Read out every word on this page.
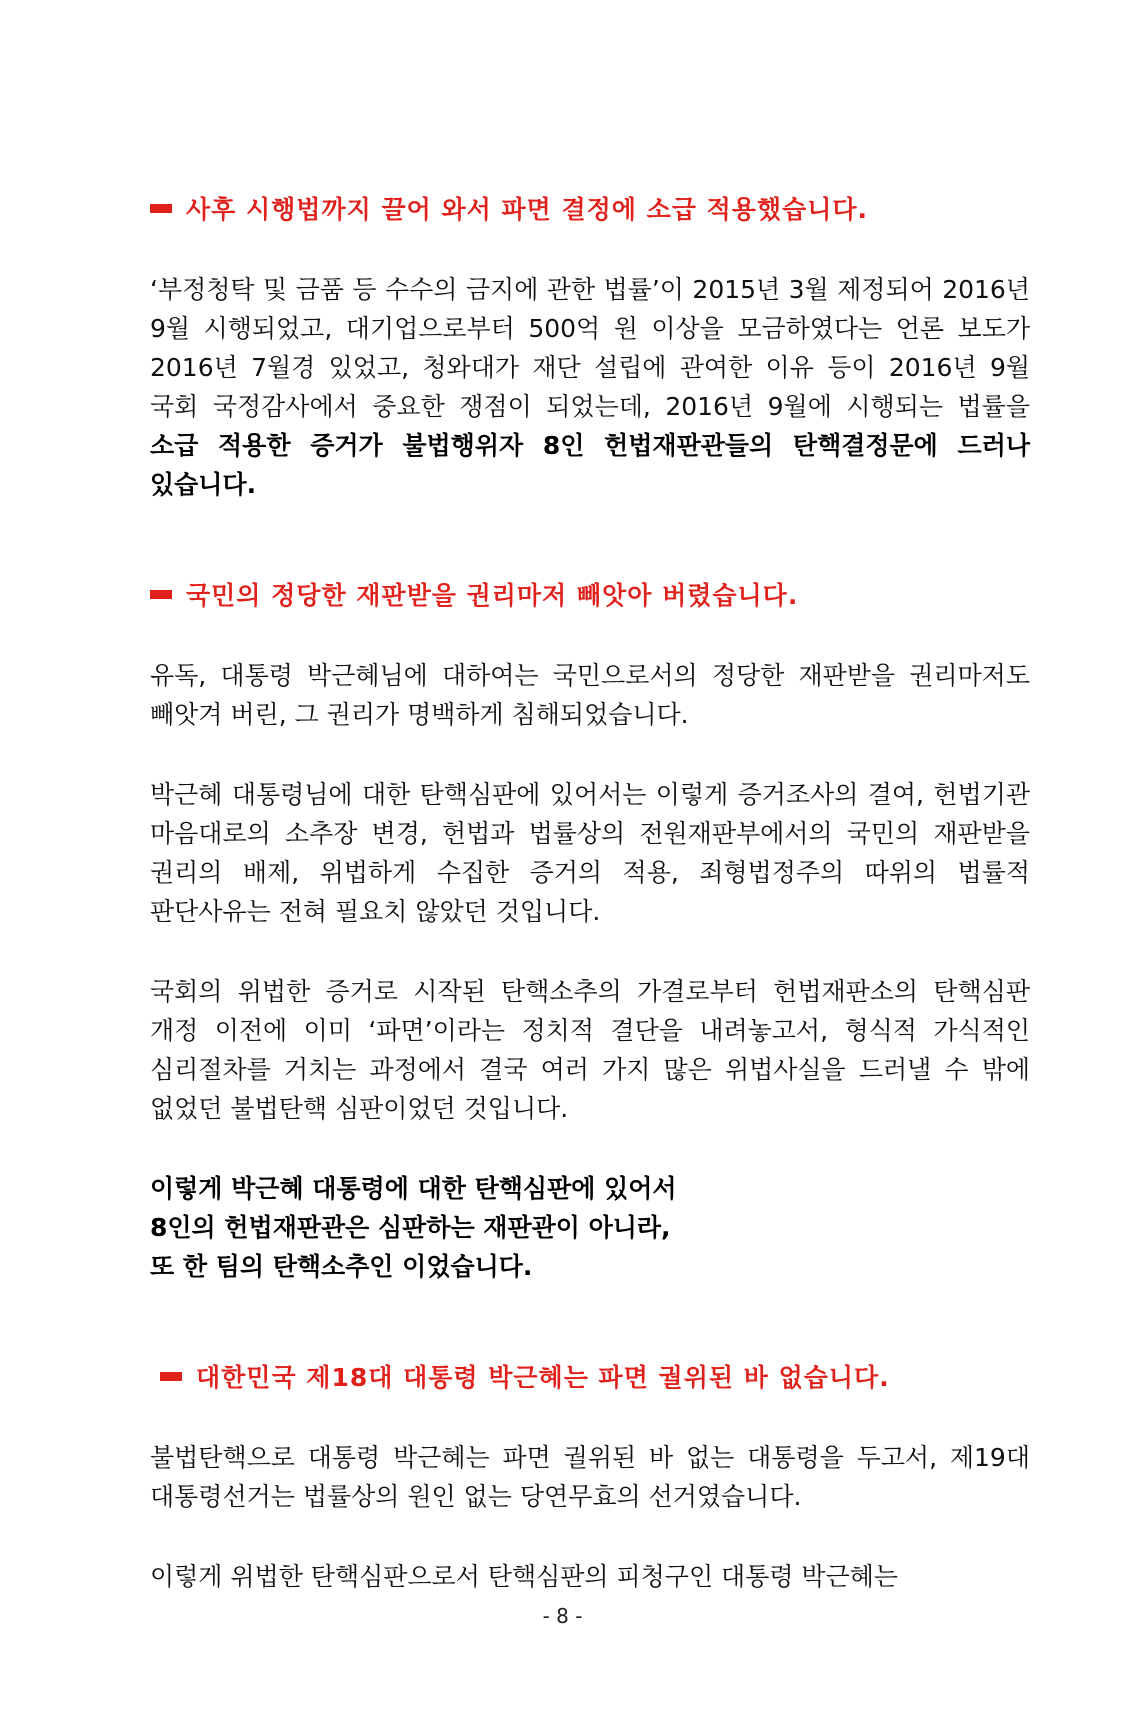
사후 시행법까지 끌어 와서 파면 결정에 소급 적용했습니다.

‘부정청탁 및 금품 등 수수의 금지에 관한 법률’이 2015년 3월 제정되어 2016년 9월 시행되었고, 대기업으로부터 500억 원 이상을 모금하였다는 언론 보도가 2016년 7월경 있었고, 청와대가 재단 설립에 관여한 이유 등이 2016년 9월 국회 국정감사에서 중요한 쟁점이 되었는데, 2016년 9월에 시행되는 법률을 소급 적용한 증거가 불법행위자 8인 헌법재판관들의 탄핵결정문에 드러나 있습니다.

국민의 정당한 재판받을 권리마저 빼앗아 버렸습니다.

유독, 대통령 박근혜님에 대하여는 국민으로서의 정당한 재판받을 권리마저도 빼앗겨 버린, 그 권리가 명백하게 침해되었습니다.

박근혜 대통령님에 대한 탄핵심판에 있어서는 이렇게 증거조사의 결여, 헌법기관 마음대로의 소추장 변경, 헌법과 법률상의 전원재판부에서의 국민의 재판받을 권리의 배제, 위법하게 수집한 증거의 적용, 죄형법정주의 따위의 법률적 판단사유는 전혀 필요치 않았던 것입니다.

국회의 위법한 증거로 시작된 탄핵소추의 가결로부터 헌법재판소의 탄핵심판 개정 이전에 이미 ‘파면’이라는 정치적 결단을 내려놓고서, 형식적 가식적인 심리절차를 거치는 과정에서 결국 여러 가지 많은 위법사실을 드러낼 수 밖에 없었던 불법탄핵 심판이었던 것입니다.

이렇게 박근혜 대통령에 대한 탄핵심판에 있어서
8인의 헌법재판관은 심판하는 재판관이 아니라,
또 한 팀의 탄핵소추인 이었습니다.
대한민국 제18대 대통령 박근혜는 파면 궐위된 바 없습니다.

불법탄핵으로 대통령 박근혜는 파면 궐위된 바 없는 대통령을 두고서, 제19대 대통령선거는 법률상의 원인 없는 당연무효의 선거였습니다.

이렇게 위법한 탄핵심판으로서 탄핵심판의 피청구인 대통령 박근혜는

- 8 -
